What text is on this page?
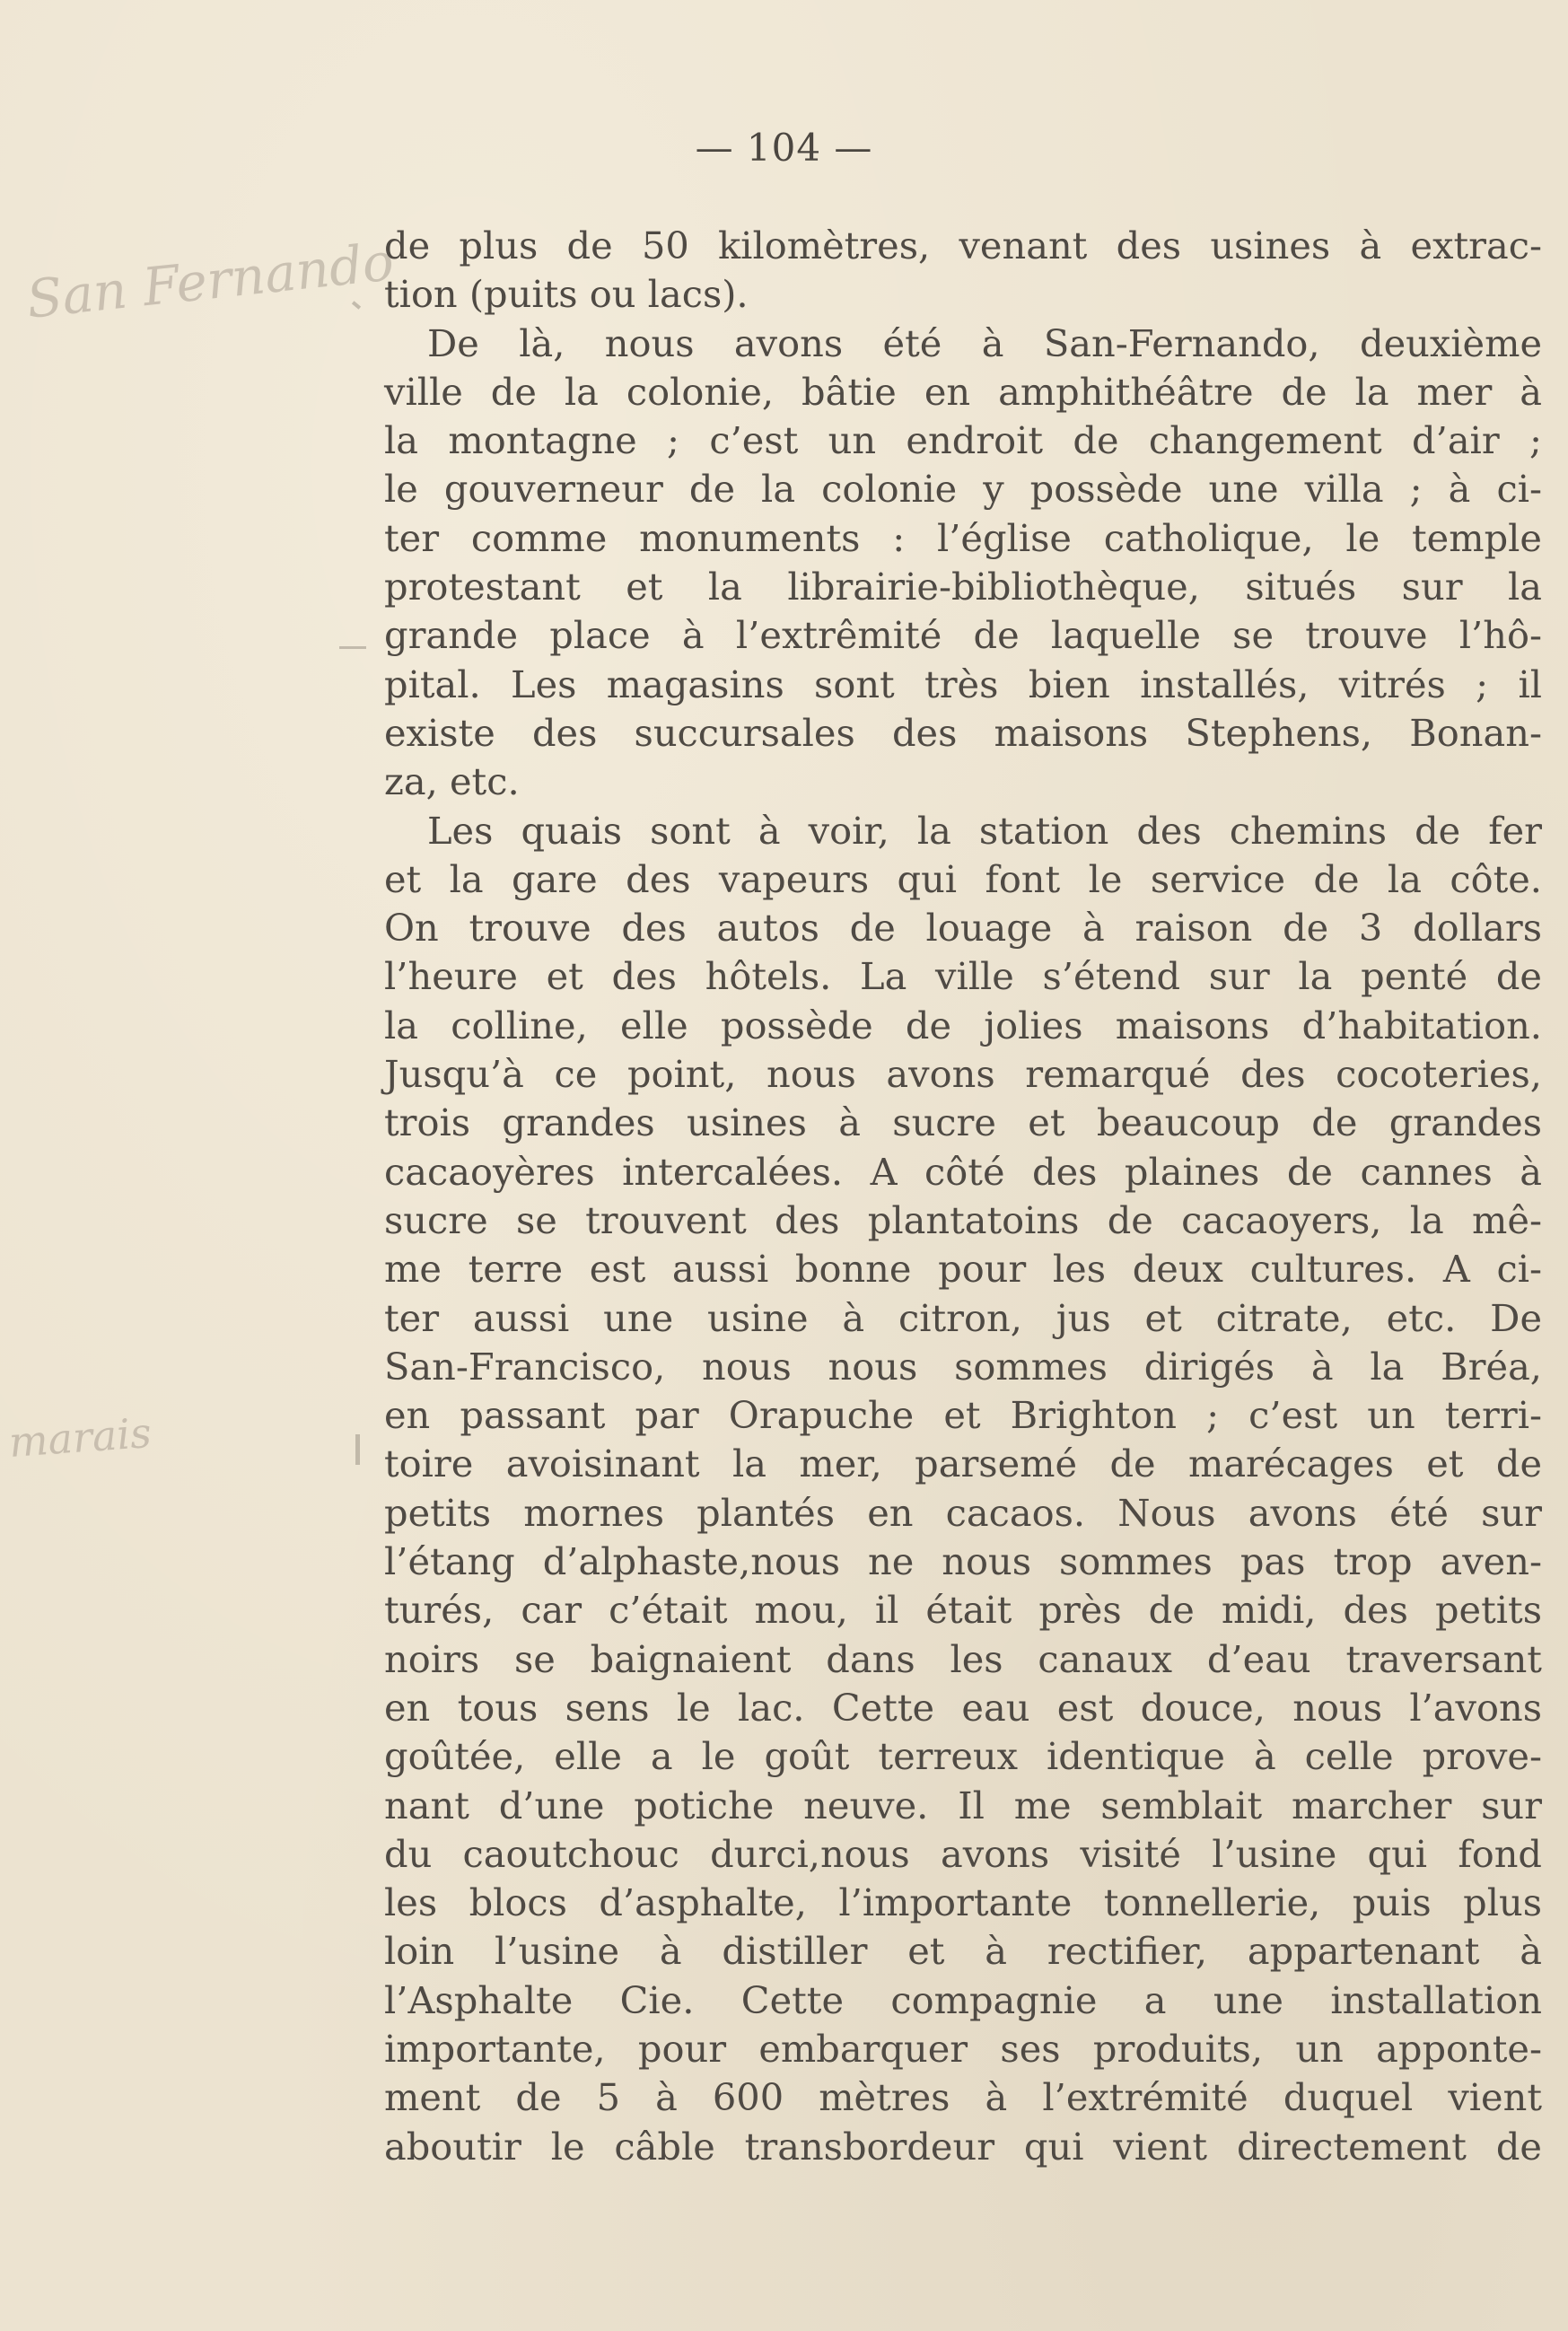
— 104 —
San Fernando
marais
de plus de 50 kilomètres, venant des usines à extrac-
tion (puits ou lacs).
De là, nous avons été à San-Fernando, deuxième
ville de la colonie, bâtie en amphithéâtre de la mer à
la montagne ; c’est un endroit de changement d’air ;
le gouverneur de la colonie y possède une villa ; à ci-
ter comme monuments : l’église catholique, le temple
protestant et la librairie-bibliothèque, situés sur la
grande place à l’extrêmité de laquelle se trouve l’hô-
pital. Les magasins sont très bien installés, vitrés ; il
existe des succursales des maisons Stephens, Bonan-
za, etc.
Les quais sont à voir, la station des chemins de fer
et la gare des vapeurs qui font le service de la côte.
On trouve des autos de louage à raison de 3 dollars
l’heure et des hôtels. La ville s’étend sur la penté de
la colline, elle possède de jolies maisons d’habitation.
Jusqu’à ce point, nous avons remarqué des cocoteries,
trois grandes usines à sucre et beaucoup de grandes
cacaoyères intercalées. A côté des plaines de cannes à
sucre se trouvent des plantatoins de cacaoyers, la mê-
me terre est aussi bonne pour les deux cultures. A ci-
ter aussi une usine à citron, jus et citrate, etc. De
San-Francisco, nous nous sommes dirigés à la Bréa,
en passant par Orapuche et Brighton ; c’est un terri-
toire avoisinant la mer, parsemé de marécages et de
petits mornes plantés en cacaos. Nous avons été sur
l’étang d’alphaste,nous ne nous sommes pas trop aven-
turés, car c’était mou, il était près de midi, des petits
noirs se baignaient dans les canaux d’eau traversant
en tous sens le lac. Cette eau est douce, nous l’avons
goûtée, elle a le goût terreux identique à celle prove-
nant d’une potiche neuve. Il me semblait marcher sur
du caoutchouc durci,nous avons visité l’usine qui fond
les blocs d’asphalte, l’importante tonnellerie, puis plus
loin l’usine à distiller et à rectifier, appartenant à
l’Asphalte Cie. Cette compagnie a une installation
importante, pour embarquer ses produits, un apponte-
ment de 5 à 600 mètres à l’extrémité duquel vient
aboutir le câble transbordeur qui vient directement de
